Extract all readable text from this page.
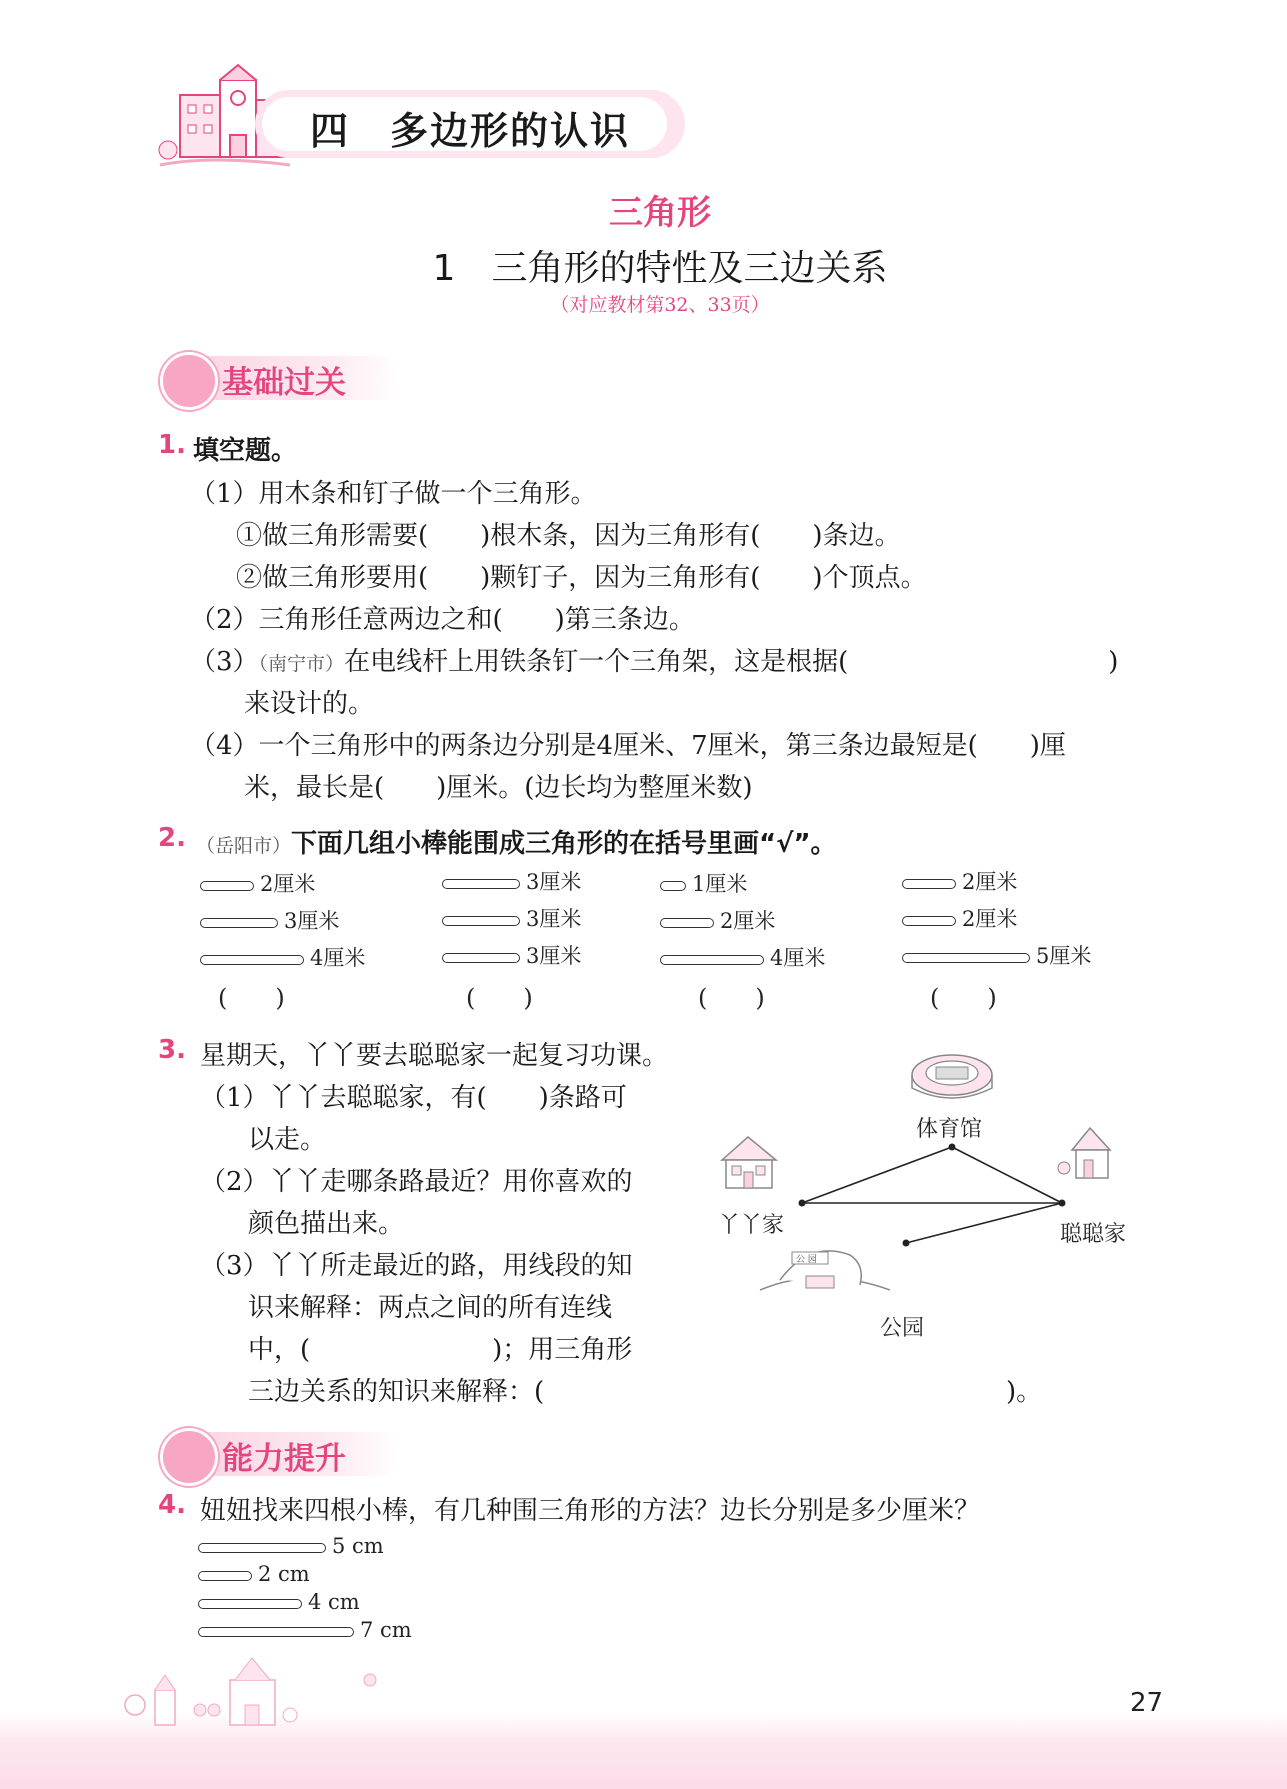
四　多边形的认识
三角形
1　三角形的特性及三边关系
（对应教材第32、33页）
基础过关
1. 填空题。
（1）用木条和钉子做一个三角形。
①做三角形需要(　　)根木条，因为三角形有(　　)条边。
②做三角形要用(　　)颗钉子，因为三角形有(　　)个顶点。
（2）三角形任意两边之和(　　)第三条边。
（3）（南宁市）在电线杆上用铁条钉一个三角架，这是根据(　　　　　　　　　　)
来设计的。
（4）一个三角形中的两条边分别是4厘米、7厘米，第三条边最短是(　　)厘
米，最长是(　　)厘米。(边长均为整厘米数)
2. （岳阳市）下面几组小棒能围成三角形的在括号里画“√”。
2厘米
3厘米
4厘米
(　　)
3厘米
3厘米
3厘米
(　　)
1厘米
2厘米
4厘米
(　　)
2厘米
2厘米
5厘米
(　　)
3. 星期天，丫丫要去聪聪家一起复习功课。
（1）丫丫去聪聪家，有(　　)条路可
以走。
（2）丫丫走哪条路最近？用你喜欢的
颜色描出来。
（3）丫丫所走最近的路，用线段的知
识来解释：两点之间的所有连线
中，(　　　　　　　)；用三角形
三边关系的知识来解释：(	)。
公 园
体育馆
丫丫家	聪聪家
公园
能力提升
4. 妞妞找来四根小棒，有几种围三角形的方法？边长分别是多少厘米？
5 cm
2 cm
4 cm
7 cm
27
